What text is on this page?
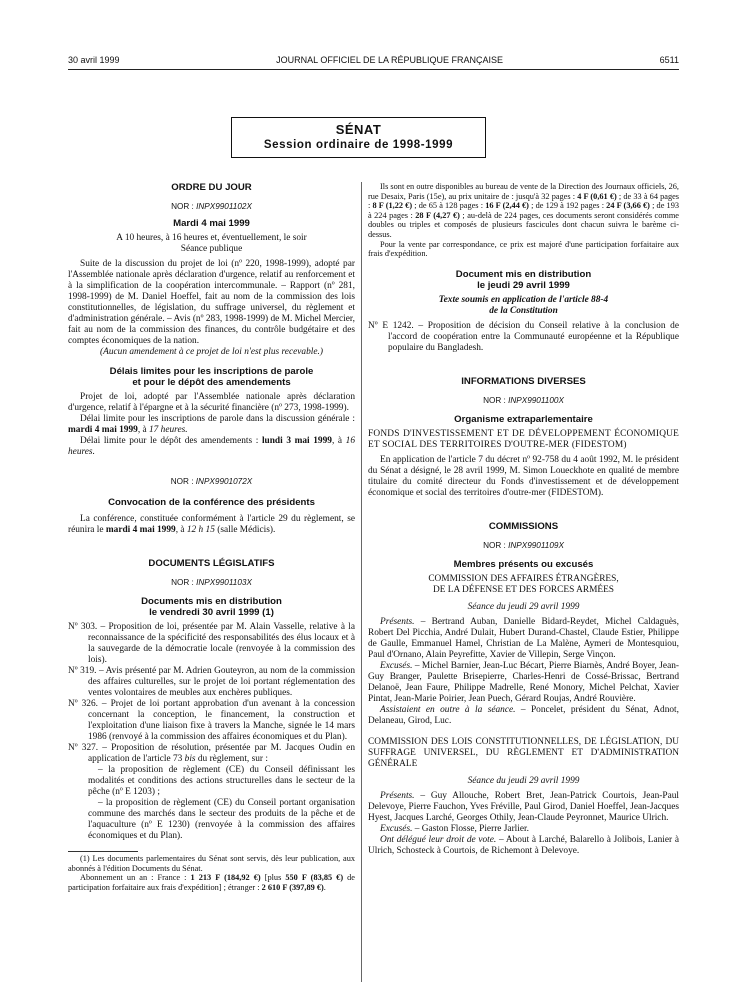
30 avril 1999	JOURNAL OFFICIEL DE LA RÉPUBLIQUE FRANÇAISE	6511
SÉNAT
Session ordinaire de 1998-1999

ORDRE DU JOUR

NOR : INPX9901102X

Mardi 4 mai 1999

A 10 heures, à 16 heures et, éventuellement, le soir

Séance publique

Suite de la discussion du projet de loi (nº 220, 1998-1999), adopté par l'Assemblée nationale après déclaration d'urgence, relatif au renforcement et à la simplification de la coopération intercommunale. – Rapport (nº 281, 1998-1999) de M. Daniel Hoeffel, fait au nom de la commission des lois constitutionnelles, de législation, du suffrage universel, du règlement et d'administration générale. – Avis (nº 283, 1998-1999) de M. Michel Mercier, fait au nom de la commission des finances, du contrôle budgétaire et des comptes économiques de la nation.

(Aucun amendement à ce projet de loi n'est plus recevable.)

Délais limites pour les inscriptions de parole

et pour le dépôt des amendements

Projet de loi, adopté par l'Assemblée nationale après déclaration d'urgence, relatif à l'épargne et à la sécurité financière (nº 273, 1998-1999).

Délai limite pour les inscriptions de parole dans la discussion générale : mardi 4 mai 1999, à 17 heures.

Délai limite pour le dépôt des amendements : lundi 3 mai 1999, à 16 heures.

NOR : INPX9901072X

Convocation de la conférence des présidents

La conférence, constituée conformément à l'article 29 du règlement, se réunira le mardi 4 mai 1999, à 12 h 15 (salle Médicis).

DOCUMENTS LÉGISLATIFS

NOR : INPX9901103X

Documents mis en distribution

le vendredi 30 avril 1999 (1)

Nº 303. – Proposition de loi, présentée par M. Alain Vasselle, relative à la reconnaissance de la spécificité des responsabilités des élus locaux et à la sauvegarde de la démocratie locale (renvoyée à la commission des lois).

Nº 319. – Avis présenté par M. Adrien Gouteyron, au nom de la commission des affaires culturelles, sur le projet de loi portant réglementation des ventes volontaires de meubles aux enchères publiques.

Nº 326. – Projet de loi portant approbation d'un avenant à la concession concernant la conception, le financement, la construction et l'exploitation d'une liaison fixe à travers la Manche, signée le 14 mars 1986 (renvoyé à la commission des affaires économiques et du Plan).

Nº 327. – Proposition de résolution, présentée par M. Jacques Oudin en application de l'article 73 bis du règlement, sur :

– la proposition de règlement (CE) du Conseil définissant les modalités et conditions des actions structurelles dans le secteur de la pêche (nº E 1203) ;

– la proposition de règlement (CE) du Conseil portant organisation commune des marchés dans le secteur des produits de la pêche et de l'aquaculture (nº E 1230) (renvoyée à la commission des affaires économiques et du Plan).

(1) Les documents parlementaires du Sénat sont servis, dès leur publication, aux abonnés à l'édition Documents du Sénat.

Abonnement un an : France : 1 213 F (184,92 €) [plus 550 F (83,85 €) de participation forfaitaire aux frais d'expédition] ; étranger : 2 610 F (397,89 €).

Ils sont en outre disponibles au bureau de vente de la Direction des Journaux officiels, 26, rue Desaix, Paris (15e), au prix unitaire de : jusqu'à 32 pages : 4 F (0,61 €) ; de 33 à 64 pages : 8 F (1,22 €) ; de 65 à 128 pages : 16 F (2,44 €) ; de 129 à 192 pages : 24 F (3,66 €) ; de 193 à 224 pages : 28 F (4,27 €) ; au-delà de 224 pages, ces documents seront considérés comme doubles ou triples et composés de plusieurs fascicules dont chacun suivra le barème ci-dessus.

Pour la vente par correspondance, ce prix est majoré d'une participation forfaitaire aux frais d'expédition.

Document mis en distribution

le jeudi 29 avril 1999

Texte soumis en application de l'article 88-4

de la Constitution

Nº E 1242. – Proposition de décision du Conseil relative à la conclusion de l'accord de coopération entre la Communauté européenne et la République populaire du Bangladesh.

INFORMATIONS DIVERSES

NOR : INPX9901100X

Organisme extraparlementaire

FONDS D'INVESTISSEMENT ET DE DÉVELOPPEMENT ÉCONOMIQUE ET SOCIAL DES TERRITOIRES D'OUTRE-MER (FIDESTOM)

En application de l'article 7 du décret nº 92-758 du 4 août 1992, M. le président du Sénat a désigné, le 28 avril 1999, M. Simon Loueckhote en qualité de membre titulaire du comité directeur du Fonds d'investissement et de développement économique et social des territoires d'outre-mer (FIDESTOM).

COMMISSIONS

NOR : INPX9901109X

Membres présents ou excusés

COMMISSION DES AFFAIRES ÉTRANGÈRES,

DE LA DÉFENSE ET DES FORCES ARMÉES

Séance du jeudi 29 avril 1999

Présents. – Bertrand Auban, Danielle Bidard-Reydet, Michel Caldaguès, Robert Del Picchia, André Dulait, Hubert Durand-Chastel, Claude Estier, Philippe de Gaulle, Emmanuel Hamel, Christian de La Malène, Aymeri de Montesquiou, Paul d'Ornano, Alain Peyrefitte, Xavier de Villepin, Serge Vinçon.

Excusés. – Michel Barnier, Jean-Luc Bécart, Pierre Biarnès, André Boyer, Jean-Guy Branger, Paulette Brisepierre, Charles-Henri de Cossé-Brissac, Bertrand Delanoë, Jean Faure, Philippe Madrelle, René Monory, Michel Pelchat, Xavier Pintat, Jean-Marie Poirier, Jean Puech, Gérard Roujas, André Rouvière.

Assistaient en outre à la séance. – Poncelet, président du Sénat, Adnot, Delaneau, Girod, Luc.

COMMISSION DES LOIS CONSTITUTIONNELLES, DE LÉGISLATION, DU SUFFRAGE UNIVERSEL, DU RÈGLEMENT ET D'ADMINISTRATION GÉNÉRALE

Séance du jeudi 29 avril 1999

Présents. – Guy Allouche, Robert Bret, Jean-Patrick Courtois, Jean-Paul Delevoye, Pierre Fauchon, Yves Fréville, Paul Girod, Daniel Hoeffel, Jean-Jacques Hyest, Jacques Larché, Georges Othily, Jean-Claude Peyronnet, Maurice Ulrich.

Excusés. – Gaston Flosse, Pierre Jarlier.

Ont délégué leur droit de vote. – About à Larché, Balarello à Jolibois, Lanier à Ulrich, Schosteck à Courtois, de Richemont à Delevoye.
